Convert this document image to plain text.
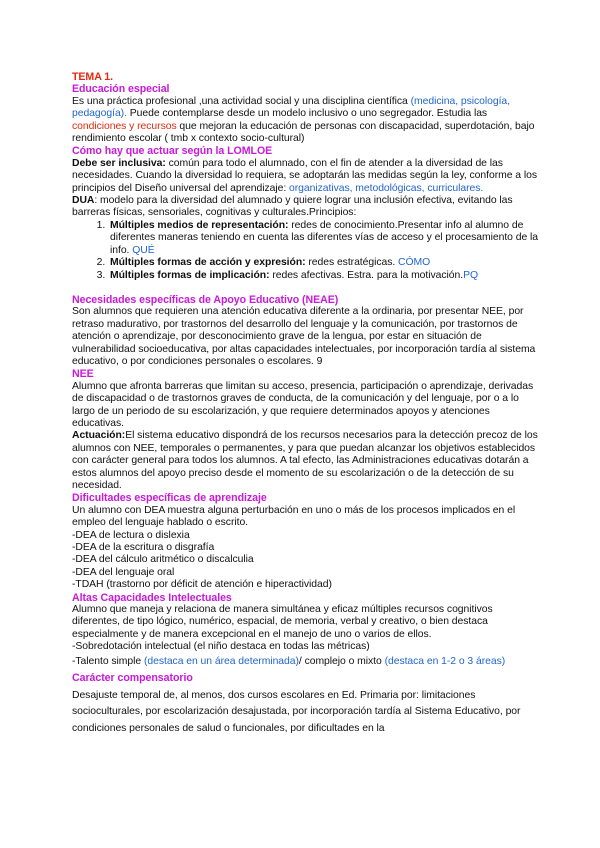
TEMA 1.
Educación especial

Es una práctica profesional ,una actividad social y una disciplina científica (medicina, psicología, pedagogía). Puede contemplarse desde un modelo inclusivo o uno segregador. Estudia las condiciones y recursos que mejoran la educación de personas con discapacidad, superdotación, bajo rendimiento escolar ( tmb x contexto socio-cultural)

Cómo hay que actuar según la LOMLOE

Debe ser inclusiva: común para todo el alumnado, con el fin de atender a la diversidad de las necesidades. Cuando la diversidad lo requiera, se adoptarán las medidas según la ley, conforme a los principios del Diseño universal del aprendizaje: organizativas, metodológicas, curriculares.

DUA: modelo para la diversidad del alumnado y quiere lograr una inclusión efectiva, evitando las barreras físicas, sensoriales, cognitivas y culturales.Principios:

1. Múltiples medios de representación: redes de conocimiento.Presentar info al alumno de diferentes maneras teniendo en cuenta las diferentes vías de acceso y el procesamiento de la info. QUÉ
2. Múltiples formas de acción y expresión: redes estratégicas. CÓMO
3. Múltiples formas de implicación: redes afectivas. Estra. para la motivación.PQ
Necesidades específicas de Apoyo Educativo (NEAE)

Son alumnos que requieren una atención educativa diferente a la ordinaria, por presentar NEE, por retraso madurativo, por trastornos del desarrollo del lenguaje y la comunicación, por trastornos de atención o aprendizaje, por desconocimiento grave de la lengua, por estar en situación de vulnerabilidad socioeducativa, por altas capacidades intelectuales, por incorporación tardía al sistema educativo, o por condiciones personales o escolares. 9

NEE

Alumno que afronta barreras que limitan su acceso, presencia, participación o aprendizaje, derivadas de discapacidad o de trastornos graves de conducta, de la comunicación y del lenguaje, por o a lo largo de un periodo de su escolarización, y que requiere determinados apoyos y atenciones educativas.

Actuación:El sistema educativo dispondrá de los recursos necesarios para la detección precoz de los alumnos con NEE, temporales o permanentes, y para que puedan alcanzar los objetivos establecidos con carácter general para todos los alumnos. A tal efecto, las Administraciones educativas dotarán a estos alumnos del apoyo preciso desde el momento de su escolarización o de la detección de su necesidad.

Dificultades específicas de aprendizaje

Un alumno con DEA muestra alguna perturbación en uno o más de los procesos implicados en el empleo del lenguaje hablado o escrito.

-DEA de lectura o dislexia

-DEA de la escritura o disgrafía

-DEA del cálculo aritmético o discalculia

-DEA del lenguaje oral

-TDAH (trastorno por déficit de atención e hiperactividad)

Altas Capacidades Intelectuales

Alumno que maneja y relaciona de manera simultánea y eficaz múltiples recursos cognitivos diferentes, de tipo lógico, numérico, espacial, de memoria, verbal y creativo, o bien destaca especialmente y de manera excepcional en el manejo de uno o varios de ellos.

-Sobredotación intelectual (el niño destaca en todas las métricas)

-Talento simple (destaca en un área determinada)/ complejo o mixto (destaca en 1-2 o 3 áreas)

Carácter compensatorio

Desajuste temporal de, al menos, dos cursos escolares en Ed. Primaria por: limitaciones socioculturales, por escolarización desajustada, por incorporación tardía al Sistema Educativo, por condiciones personales de salud o funcionales, por dificultades en la
